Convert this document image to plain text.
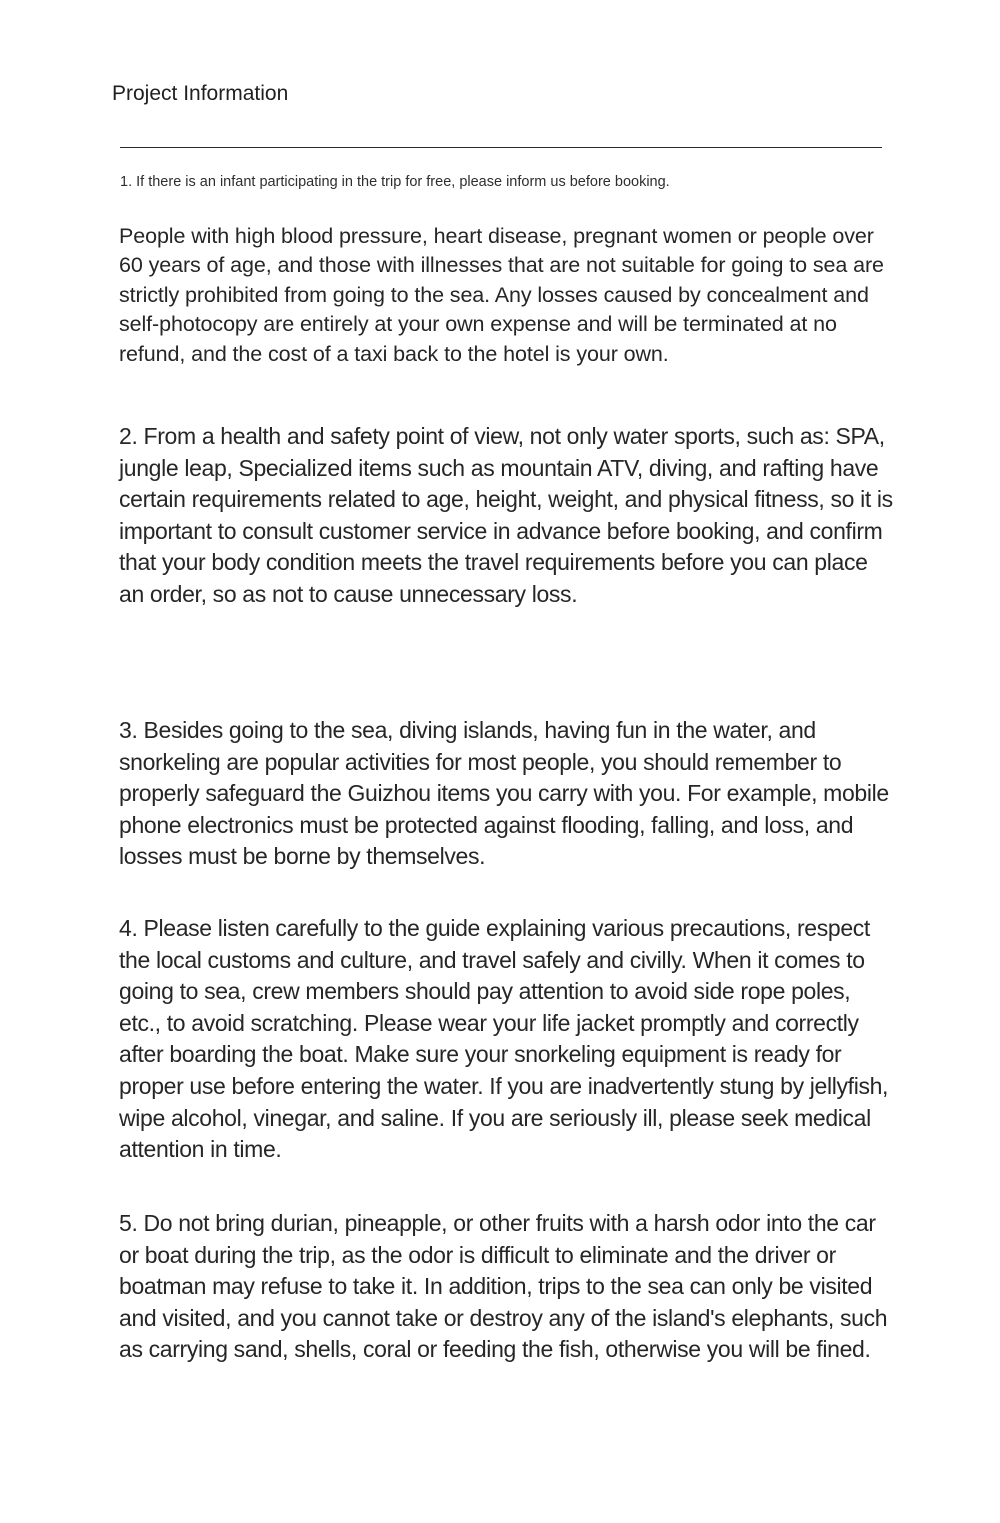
Project Information
1. If there is an infant participating in the trip for free, please inform us before booking.

People with high blood pressure, heart disease, pregnant women or people over 60 years of age, and those with illnesses that are not suitable for going to sea are strictly prohibited from going to the sea. Any losses caused by concealment and self-photocopy are entirely at your own expense and will be terminated at no refund, and the cost of a taxi back to the hotel is your own.

2. From a health and safety point of view, not only water sports, such as: SPA, jungle leap, Specialized items such as mountain ATV, diving, and rafting have certain requirements related to age, height, weight, and physical fitness, so it is important to consult customer service in advance before booking, and confirm that your body condition meets the travel requirements before you can place an order, so as not to cause unnecessary loss.

3. Besides going to the sea, diving islands, having fun in the water, and snorkeling are popular activities for most people, you should remember to properly safeguard the Guizhou items you carry with you. For example, mobile phone electronics must be protected against flooding, falling, and loss, and losses must be borne by themselves.

4. Please listen carefully to the guide explaining various precautions, respect the local customs and culture, and travel safely and civilly. When it comes to going to sea, crew members should pay attention to avoid side rope poles, etc., to avoid scratching. Please wear your life jacket promptly and correctly after boarding the boat. Make sure your snorkeling equipment is ready for proper use before entering the water. If you are inadvertently stung by jellyfish, wipe alcohol, vinegar, and saline. If you are seriously ill, please seek medical attention in time.

5. Do not bring durian, pineapple, or other fruits with a harsh odor into the car or boat during the trip, as the odor is difficult to eliminate and the driver or boatman may refuse to take it. In addition, trips to the sea can only be visited and visited, and you cannot take or destroy any of the island's elephants, such as carrying sand, shells, coral or feeding the fish, otherwise you will be fined.
